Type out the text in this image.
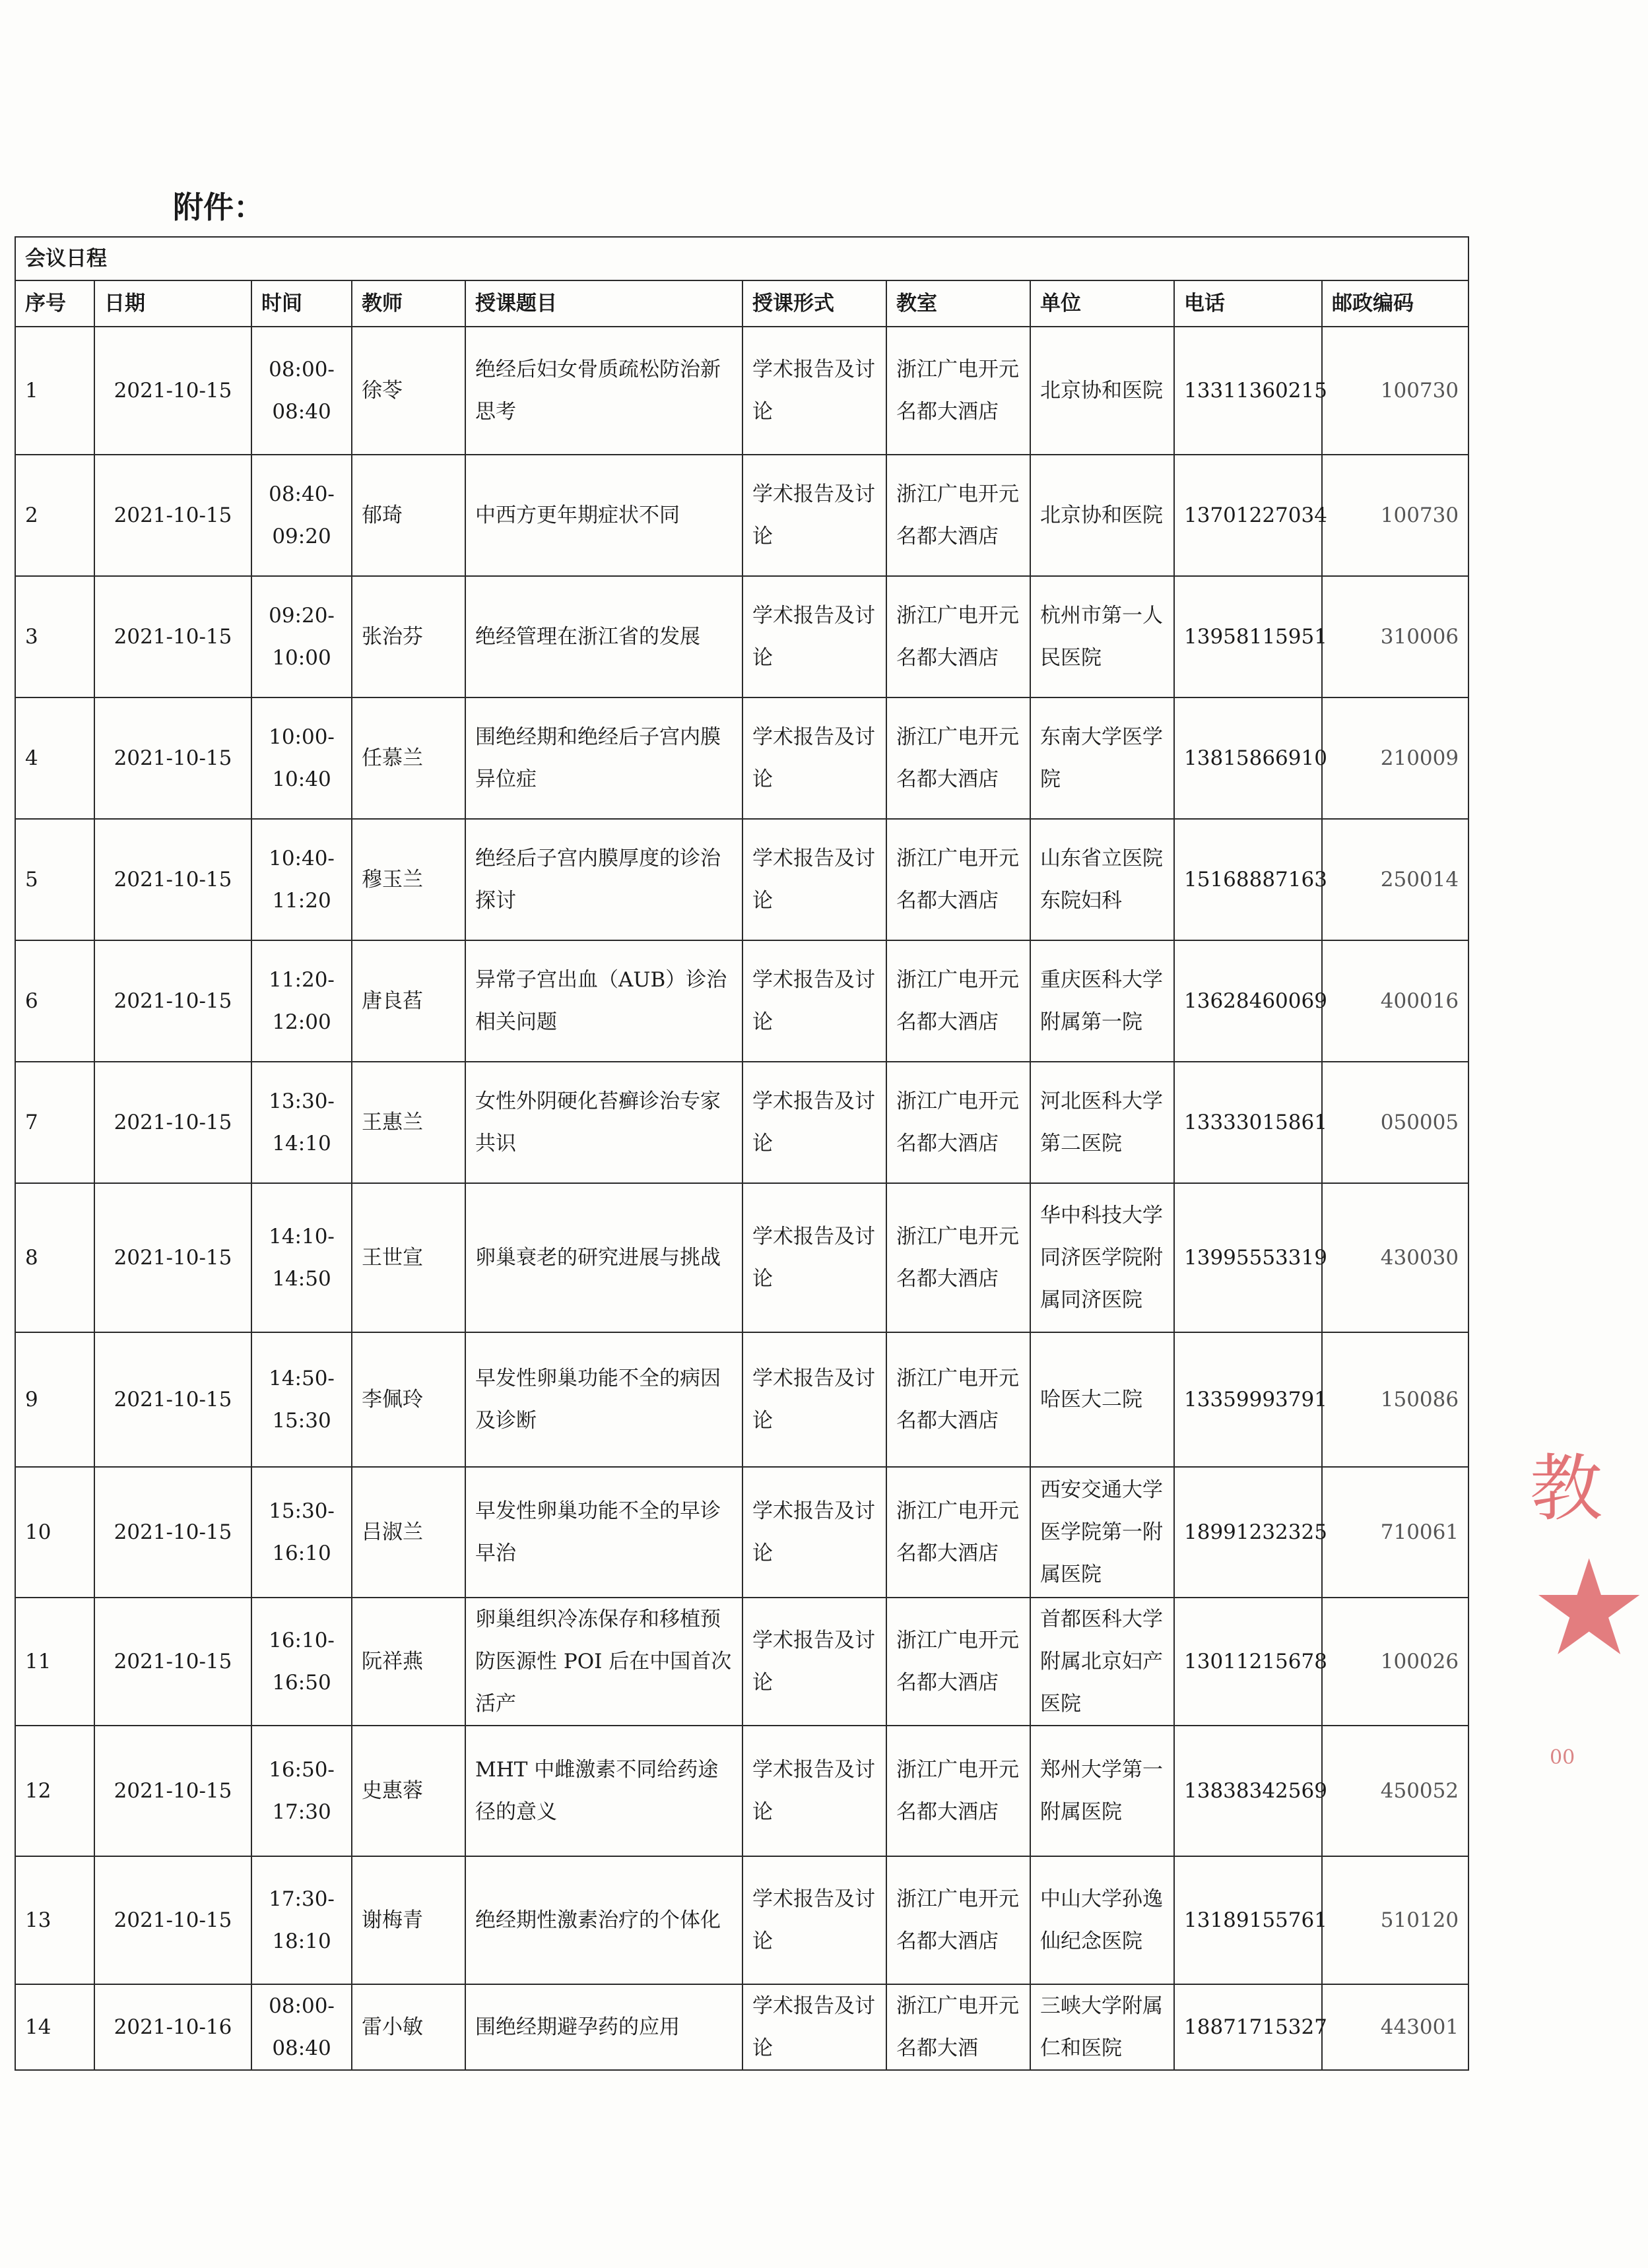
附件：
会议日程									
序号	日期	时间	教师	授课题目	授课形式	教室	单位	电话	邮政编码
1	2021-10-15	08:00-08:40	徐苓	绝经后妇女骨质疏松防治新思考	学术报告及讨论	浙江广电开元名都大酒店	北京协和医院	13311360215	100730
2	2021-10-15	08:40-09:20	郁琦	中西方更年期症状不同	学术报告及讨论	浙江广电开元名都大酒店	北京协和医院	13701227034	100730
3	2021-10-15	09:20-10:00	张治芬	绝经管理在浙江省的发展	学术报告及讨论	浙江广电开元名都大酒店	杭州市第一人民医院	13958115951	310006
4	2021-10-15	10:00-10:40	任慕兰	围绝经期和绝经后子宫内膜异位症	学术报告及讨论	浙江广电开元名都大酒店	东南大学医学院	13815866910	210009
5	2021-10-15	10:40-11:20	穆玉兰	绝经后子宫内膜厚度的诊治探讨	学术报告及讨论	浙江广电开元名都大酒店	山东省立医院东院妇科	15168887163	250014
6	2021-10-15	11:20-12:00	唐良萏	异常子宫出血（AUB）诊治相关问题	学术报告及讨论	浙江广电开元名都大酒店	重庆医科大学附属第一院	13628460069	400016
7	2021-10-15	13:30-14:10	王惠兰	女性外阴硬化苔癣诊治专家共识	学术报告及讨论	浙江广电开元名都大酒店	河北医科大学第二医院	13333015861	050005
8	2021-10-15	14:10-14:50	王世宣	卵巢衰老的研究进展与挑战	学术报告及讨论	浙江广电开元名都大酒店	华中科技大学同济医学院附属同济医院	13995553319	430030
9	2021-10-15	14:50-15:30	李佩玲	早发性卵巢功能不全的病因及诊断	学术报告及讨论	浙江广电开元名都大酒店	哈医大二院	13359993791	150086
10	2021-10-15	15:30-16:10	吕淑兰	早发性卵巢功能不全的早诊早治	学术报告及讨论	浙江广电开元名都大酒店	西安交通大学医学院第一附属医院	18991232325	710061
11	2021-10-15	16:10-16:50	阮祥燕	卵巢组织冷冻保存和移植预防医源性 POI 后在中国首次活产	学术报告及讨论	浙江广电开元名都大酒店	首都医科大学附属北京妇产医院	13011215678	100026
12	2021-10-15	16:50-17:30	史惠蓉	MHT 中雌激素不同给药途径的意义	学术报告及讨论	浙江广电开元名都大酒店	郑州大学第一附属医院	13838342569	450052
13	2021-10-15	17:30-18:10	谢梅青	绝经期性激素治疗的个体化	学术报告及讨论	浙江广电开元名都大酒店	中山大学孙逸仙纪念医院	13189155761	510120
14	2021-10-16	08:00-08:40	雷小敏	围绝经期避孕药的应用	学术报告及讨论	浙江广电开元名都大酒	三峡大学附属仁和医院	18871715327	443001
教
★
00
